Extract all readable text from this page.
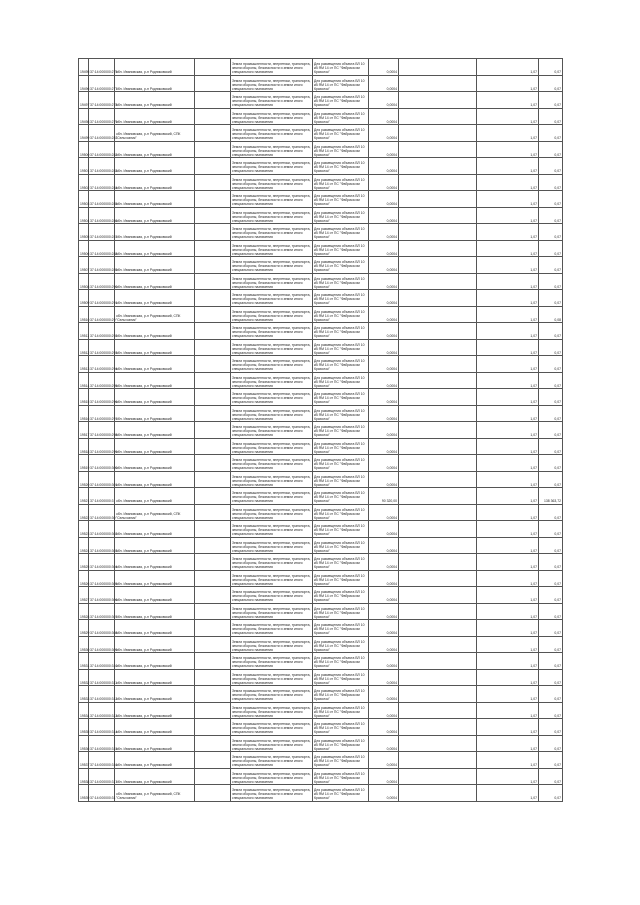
19495	37:14:000000:275	обл. Ивановская, р-н Родниковский		Земли промышленности, энергетики, транспорта, земли обороны, безопасности и земли иного специального назначения	Для размещения объекта ВЛ 10 кВ ЯМ 14 от ПС "Фабрика им Крахолок"	0,0004		1,07	0,07
19496	37:14:000000:277	обл. Ивановская, р-н Родниковский		Земли промышленности, энергетики, транспорта, земли обороны, безопасности и земли иного специального назначения	Для размещения объекта ВЛ 10 кВ ЯМ 14 от ПС "Фабрика им Крахолок"	0,0004		1,07	0,07
19497	37:14:000000:278	обл. Ивановская, р-н Родниковский		Земли промышленности, энергетики, транспорта, земли обороны, безопасности и земли иного специального назначения	Для размещения объекта ВЛ 10 кВ ЯМ 14 от ПС "Фабрика им Крахолок"	0,0004		1,07	0,07
19498	37:14:000000:279	обл. Ивановская, р-н Родниковский		Земли промышленности, энергетики, транспорта, земли обороны, безопасности и земли иного специального назначения	Для размещения объекта ВЛ 10 кВ ЯМ 14 от ПС "Фабрика им Крахолок"	0,0004		1,07	0,07
19499	37:14:000000:281	обл. Ивановская, р-н Родниковский, СПК "Сельхозник"		Земли промышленности, энергетики, транспорта, земли обороны, безопасности и земли иного специального назначения	Для размещения объекта ВЛ 10 кВ ЯМ 14 от ПС "Фабрика им Крахолок"	0,0004		1,07	0,07
19500	37:14:000000:282	обл. Ивановская, р-н Родниковский		Земли промышленности, энергетики, транспорта, земли обороны, безопасности и земли иного специального назначения	Для размещения объекта ВЛ 10 кВ ЯМ 14 от ПС "Фабрика им Крахолок"	0,0004		1,07	0,07
19501	37:14:000000:283	обл. Ивановская, р-н Родниковский		Земли промышленности, энергетики, транспорта, земли обороны, безопасности и земли иного специального назначения	Для размещения объекта ВЛ 10 кВ ЯМ 14 от ПС "Фабрика им Крахолок"	0,0004		1,07	0,07
19502	37:14:000000:284	обл. Ивановская, р-н Родниковский		Земли промышленности, энергетики, транспорта, земли обороны, безопасности и земли иного специального назначения	Для размещения объекта ВЛ 10 кВ ЯМ 14 от ПС "Фабрика им Крахолок"	0,0004		1,07	0,07
19503	37:14:000000:285	обл. Ивановская, р-н Родниковский		Земли промышленности, энергетики, транспорта, земли обороны, безопасности и земли иного специального назначения	Для размещения объекта ВЛ 10 кВ ЯМ 14 от ПС "Фабрика им Крахолок"	0,0004		1,07	0,07
19504	37:14:000000:286	обл. Ивановская, р-н Родниковский		Земли промышленности, энергетики, транспорта, земли обороны, безопасности и земли иного специального назначения	Для размещения объекта ВЛ 10 кВ ЯМ 14 от ПС "Фабрика им Крахолок"	0,0004		1,07	0,07
19505	37:14:000000:287	обл. Ивановская, р-н Родниковский		Земли промышленности, энергетики, транспорта, земли обороны, безопасности и земли иного специального назначения	Для размещения объекта ВЛ 10 кВ ЯМ 14 от ПС "Фабрика им Крахолок"	0,0004		1,07	0,07
19506	37:14:000000:288	обл. Ивановская, р-н Родниковский		Земли промышленности, энергетики, транспорта, земли обороны, безопасности и земли иного специального назначения	Для размещения объекта ВЛ 10 кВ ЯМ 14 от ПС "Фабрика им Крахолок"	0,0004		1,07	0,07
19507	37:14:000000:289	обл. Ивановская, р-н Родниковский		Земли промышленности, энергетики, транспорта, земли обороны, безопасности и земли иного специального назначения	Для размещения объекта ВЛ 10 кВ ЯМ 14 от ПС "Фабрика им Крахолок"	0,0004		1,07	0,07
19508	37:14:000000:290	обл. Ивановская, р-н Родниковский		Земли промышленности, энергетики, транспорта, земли обороны, безопасности и земли иного специального назначения	Для размещения объекта ВЛ 10 кВ ЯМ 14 от ПС "Фабрика им Крахолок"	0,0004		1,07	0,07
19509	37:14:000000:291	обл. Ивановская, р-н Родниковский		Земли промышленности, энергетики, транспорта, земли обороны, безопасности и земли иного специального назначения	Для размещения объекта ВЛ 10 кВ ЯМ 14 от ПС "Фабрика им Крахолок"	0,0004		1,07	0,07
19510	37:14:000000:29	обл. Ивановская, р-н Родниковский, СПК "Сельхозник"		Земли промышленности, энергетики, транспорта, земли обороны, безопасности и земли иного специального назначения	Для размещения объекта ВЛ 10 кВ ЯМ 14 от ПС "Фабрика им Крахолок"	0,0004		1,07	0,08
19511	37:14:000000:292	обл. Ивановская, р-н Родниковский		Земли промышленности, энергетики, транспорта, земли обороны, безопасности и земли иного специального назначения	Для размещения объекта ВЛ 10 кВ ЯМ 14 от ПС "Фабрика им Крахолок"	0,0004		1,07	0,07
19512	37:14:000000:293	обл. Ивановская, р-н Родниковский		Земли промышленности, энергетики, транспорта, земли обороны, безопасности и земли иного специального назначения	Для размещения объекта ВЛ 10 кВ ЯМ 14 от ПС "Фабрика им Крахолок"	0,0004		1,07	0,07
19513	37:14:000000:294	обл. Ивановская, р-н Родниковский		Земли промышленности, энергетики, транспорта, земли обороны, безопасности и земли иного специального назначения	Для размещения объекта ВЛ 10 кВ ЯМ 14 от ПС "Фабрика им Крахолок"	0,0004		1,07	0,07
19514	37:14:000000:295	обл. Ивановская, р-н Родниковский		Земли промышленности, энергетики, транспорта, земли обороны, безопасности и земли иного специального назначения	Для размещения объекта ВЛ 10 кВ ЯМ 14 от ПС "Фабрика им Крахолок"	0,0004		1,07	0,07
19515	37:14:000000:296	обл. Ивановская, р-н Родниковский		Земли промышленности, энергетики, транспорта, земли обороны, безопасности и земли иного специального назначения	Для размещения объекта ВЛ 10 кВ ЯМ 14 от ПС "Фабрика им Крахолок"	0,0004		1,07	0,07
19516	37:14:000000:297	обл. Ивановская, р-н Родниковский		Земли промышленности, энергетики, транспорта, земли обороны, безопасности и земли иного специального назначения	Для размещения объекта ВЛ 10 кВ ЯМ 14 от ПС "Фабрика им Крахолок"	0,0004		1,07	0,07
19517	37:14:000000:298	обл. Ивановская, р-н Родниковский		Земли промышленности, энергетики, транспорта, земли обороны, безопасности и земли иного специального назначения	Для размещения объекта ВЛ 10 кВ ЯМ 14 от ПС "Фабрика им Крахолок"	0,0004		1,07	0,07
19518	37:14:000000:299	обл. Ивановская, р-н Родниковский		Земли промышленности, энергетики, транспорта, земли обороны, безопасности и земли иного специального назначения	Для размещения объекта ВЛ 10 кВ ЯМ 14 от ПС "Фабрика им Крахолок"	0,0004		1,07	0,07
19519	37:14:000000:300	обл. Ивановская, р-н Родниковский		Земли промышленности, энергетики, транспорта, земли обороны, безопасности и земли иного специального назначения	Для размещения объекта ВЛ 10 кВ ЯМ 14 от ПС "Фабрика им Крахолок"	0,0004		1,07	0,07
19520	37:14:000000:301	обл. Ивановская, р-н Родниковский		Земли промышленности, энергетики, транспорта, земли обороны, безопасности и земли иного специального назначения	Для размещения объекта ВЛ 10 кВ ЯМ 14 от ПС "Фабрика им Крахолок"	0,0004		1,07	0,07
19521	37:14:000000:3	обл. Ивановская, р-н Родниковский		Земли промышленности, энергетики, транспорта, земли обороны, безопасности и земли иного специального назначения	Для размещения объекта ВЛ 10 кВ ЯМ 14 от ПС "Фабрика им Крахолок"	90 320,00		1,07	138 363,72
19522	37:14:000000:30	обл. Ивановская, р-н Родниковский, СПК "Сельхозник"		Земли промышленности, энергетики, транспорта, земли обороны, безопасности и земли иного специального назначения	Для размещения объекта ВЛ 10 кВ ЯМ 14 от ПС "Фабрика им Крахолок"	0,0004		1,07	0,07
19523	37:14:000000:302	обл. Ивановская, р-н Родниковский		Земли промышленности, энергетики, транспорта, земли обороны, безопасности и земли иного специального назначения	Для размещения объекта ВЛ 10 кВ ЯМ 14 от ПС "Фабрика им Крахолок"	0,0004		1,07	0,07
19524	37:14:000000:303	обл. Ивановская, р-н Родниковский		Земли промышленности, энергетики, транспорта, земли обороны, безопасности и земли иного специального назначения	Для размещения объекта ВЛ 10 кВ ЯМ 14 от ПС "Фабрика им Крахолок"	0,0004		1,07	0,07
19525	37:14:000000:304	обл. Ивановская, р-н Родниковский		Земли промышленности, энергетики, транспорта, земли обороны, безопасности и земли иного специального назначения	Для размещения объекта ВЛ 10 кВ ЯМ 14 от ПС "Фабрика им Крахолок"	0,0004		1,07	0,07
19526	37:14:000000:305	обл. Ивановская, р-н Родниковский		Земли промышленности, энергетики, транспорта, земли обороны, безопасности и земли иного специального назначения	Для размещения объекта ВЛ 10 кВ ЯМ 14 от ПС "Фабрика им Крахолок"	0,0004		1,07	0,07
19527	37:14:000000:306	обл. Ивановская, р-н Родниковский		Земли промышленности, энергетики, транспорта, земли обороны, безопасности и земли иного специального назначения	Для размещения объекта ВЛ 10 кВ ЯМ 14 от ПС "Фабрика им Крахолок"	0,0004		1,07	0,07
19528	37:14:000000:307	обл. Ивановская, р-н Родниковский		Земли промышленности, энергетики, транспорта, земли обороны, безопасности и земли иного специального назначения	Для размещения объекта ВЛ 10 кВ ЯМ 14 от ПС "Фабрика им Крахолок"	0,0004		1,07	0,07
19529	37:14:000000:308	обл. Ивановская, р-н Родниковский		Земли промышленности, энергетики, транспорта, земли обороны, безопасности и земли иного специального назначения	Для размещения объекта ВЛ 10 кВ ЯМ 14 от ПС "Фабрика им Крахолок"	0,0004		1,07	0,07
19530	37:14:000000:309	обл. Ивановская, р-н Родниковский		Земли промышленности, энергетики, транспорта, земли обороны, безопасности и земли иного специального назначения	Для размещения объекта ВЛ 10 кВ ЯМ 14 от ПС "Фабрика им Крахолок"	0,0004		1,07	0,07
19531	37:14:000000:310	обл. Ивановская, р-н Родниковский		Земли промышленности, энергетики, транспорта, земли обороны, безопасности и земли иного специального назначения	Для размещения объекта ВЛ 10 кВ ЯМ 14 от ПС "Фабрика им Крахолок"	0,0004		1,07	0,07
19532	37:14:000000:311	обл. Ивановская, р-н Родниковский		Земли промышленности, энергетики, транспорта, земли обороны, безопасности и земли иного специального назначения	Для размещения объекта ВЛ 10 кВ ЯМ 14 от ПС "Фабрика им Крахолок"	0,0004		1,07	0,07
19533	37:14:000000:312	обл. Ивановская, р-н Родниковский		Земли промышленности, энергетики, транспорта, земли обороны, безопасности и земли иного специального назначения	Для размещения объекта ВЛ 10 кВ ЯМ 14 от ПС "Фабрика им Крахолок"	0,0004		1,07	0,07
19534	37:14:000000:313	обл. Ивановская, р-н Родниковский		Земли промышленности, энергетики, транспорта, земли обороны, безопасности и земли иного специального назначения	Для размещения объекта ВЛ 10 кВ ЯМ 14 от ПС "Фабрика им Крахолок"	0,0004		1,07	0,07
19535	37:14:000000:314	обл. Ивановская, р-н Родниковский		Земли промышленности, энергетики, транспорта, земли обороны, безопасности и земли иного специального назначения	Для размещения объекта ВЛ 10 кВ ЯМ 14 от ПС "Фабрика им Крахолок"	0,0004		1,07	0,07
19536	37:14:000000:315	обл. Ивановская, р-н Родниковский		Земли промышленности, энергетики, транспорта, земли обороны, безопасности и земли иного специального назначения	Для размещения объекта ВЛ 10 кВ ЯМ 14 от ПС "Фабрика им Крахолок"	0,0004		1,07	0,07
19537	37:14:000000:316	обл. Ивановская, р-н Родниковский		Земли промышленности, энергетики, транспорта, земли обороны, безопасности и земли иного специального назначения	Для размещения объекта ВЛ 10 кВ ЯМ 14 от ПС "Фабрика им Крахолок"	0,0004		1,07	0,07
19538	37:14:000000:317	обл. Ивановская, р-н Родниковский		Земли промышленности, энергетики, транспорта, земли обороны, безопасности и земли иного специального назначения	Для размещения объекта ВЛ 10 кВ ЯМ 14 от ПС "Фабрика им Крахолок"	0,0004		1,07	0,07
19539	37:14:000000:31	обл. Ивановская, р-н Родниковский, СПК "Сельхозник"		Земли промышленности, энергетики, транспорта, земли обороны, безопасности и земли иного специального назначения	Для размещения объекта ВЛ 10 кВ ЯМ 14 от ПС "Фабрика им Крахолок"	0,0004		1,07	0,07
